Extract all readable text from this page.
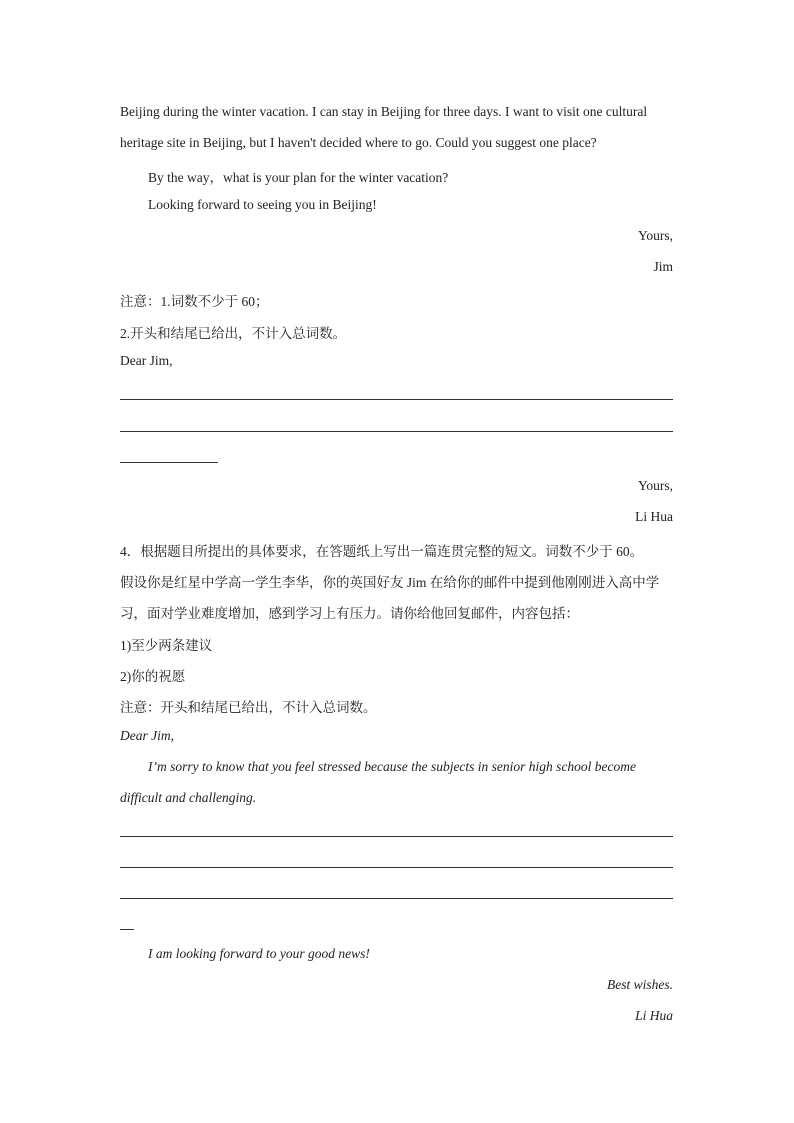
Beijing during the winter vacation. I can stay in Beijing for three days. I want to visit one cultural
heritage site in Beijing, but I haven't decided where to go. Could you suggest one place?
By the way，what is your plan for the winter vacation?
Looking forward to seeing you in Beijing!
Yours,
Jim
注意：1.词数不少于 60；
2.开头和结尾已给出，不计入总词数。
Dear Jim,
Yours,
Li Hua
4．根据题目所提出的具体要求，在答题纸上写出一篇连贯完整的短文。词数不少于 60。
假设你是红星中学高一学生李华，你的英国好友 Jim 在给你的邮件中提到他刚刚进入高中学
习，面对学业难度增加，感到学习上有压力。请你给他回复邮件，内容包括：
1)至少两条建议
2)你的祝愿
注意：开头和结尾已给出，不计入总词数。
Dear Jim,
I’m sorry to know that you feel stressed because the subjects in senior high school become
difficult and challenging.
I am looking forward to your good news!
Best wishes.
Li Hua
